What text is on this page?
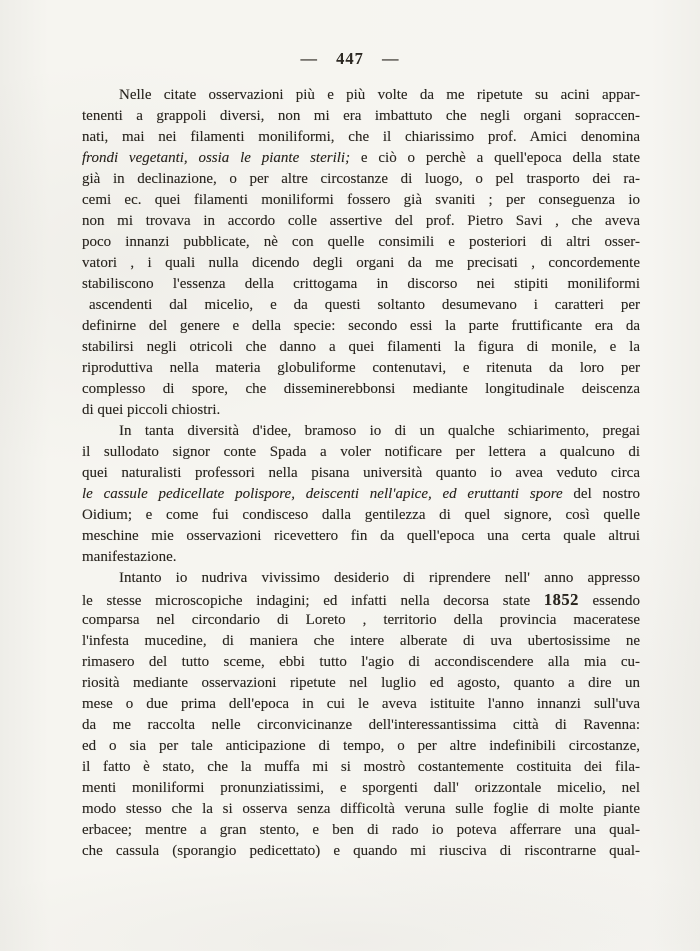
— 447 —
Nelle citate osservazioni più e più volte da me ripetute su acini appar-
tenenti a grappoli diversi, non mi era imbattuto che negli organi sopraccen-
nati, mai nei filamenti moniliformi, che il chiarissimo prof. Amici denomina
frondi vegetanti, ossia le piante sterili; e ciò o perchè a quell'epoca della state
già in declinazione, o per altre circostanze di luogo, o pel trasporto dei ra-
cemi ec. quei filamenti moniliformi fossero già svaniti ; per conseguenza io
non mi trovava in accordo colle assertive del prof. Pietro Savi , che aveva
poco innanzi pubblicate, nè con quelle consimili e posteriori di altri osser-
vatori , i quali nulla dicendo degli organi da me precisati , concordemente
stabiliscono l'essenza della crittogama in discorso nei stipiti moniliformi
ascendenti dal micelio, e da questi soltanto desumevano i caratteri per
definirne del genere e della specie: secondo essi la parte fruttificante era da
stabilirsi negli otricoli che danno a quei filamenti la figura di monile, e la
riproduttiva nella materia globuliforme contenutavi, e ritenuta da loro per
complesso di spore, che disseminerebbonsi mediante longitudinale deiscenza
di quei piccoli chiostri.
In tanta diversità d'idee, bramoso io di un qualche schiarimento, pregai
il sullodato signor conte Spada a voler notificare per lettera a qualcuno di
quei naturalisti professori nella pisana università quanto io avea veduto circa
le cassule pedicellate polispore, deiscenti nell'apice, ed eruttanti spore del nostro
Oidium; e come fui condisceso dalla gentilezza di quel signore, così quelle
meschine mie osservazioni ricevettero fin da quell'epoca una certa quale altrui
manifestazione.
Intanto io nudriva vivissimo desiderio di riprendere nell' anno appresso
le stesse microscopiche indagini; ed infatti nella decorsa state 1852 essendo
comparsa nel circondario di Loreto , territorio della provincia maceratese
l'infesta mucedine, di maniera che intere alberate di uva ubertosissime ne
rimasero del tutto sceme, ebbi tutto l'agio di accondiscendere alla mia cu-
riosità mediante osservazioni ripetute nel luglio ed agosto, quanto a dire un
mese o due prima dell'epoca in cui le aveva istituite l'anno innanzi sull'uva
da me raccolta nelle circonvicinanze dell'interessantissima città di Ravenna:
ed o sia per tale anticipazione di tempo, o per altre indefinibili circostanze,
il fatto è stato, che la muffa mi si mostrò costantemente costituita dei fila-
menti moniliformi pronunziatissimi, e sporgenti dall' orizzontale micelio, nel
modo stesso che la si osserva senza difficoltà veruna sulle foglie di molte piante
erbacee; mentre a gran stento, e ben di rado io poteva afferrare una qual-
che cassula (sporangio pedicettato) e quando mi riusciva di riscontrarne qual-
